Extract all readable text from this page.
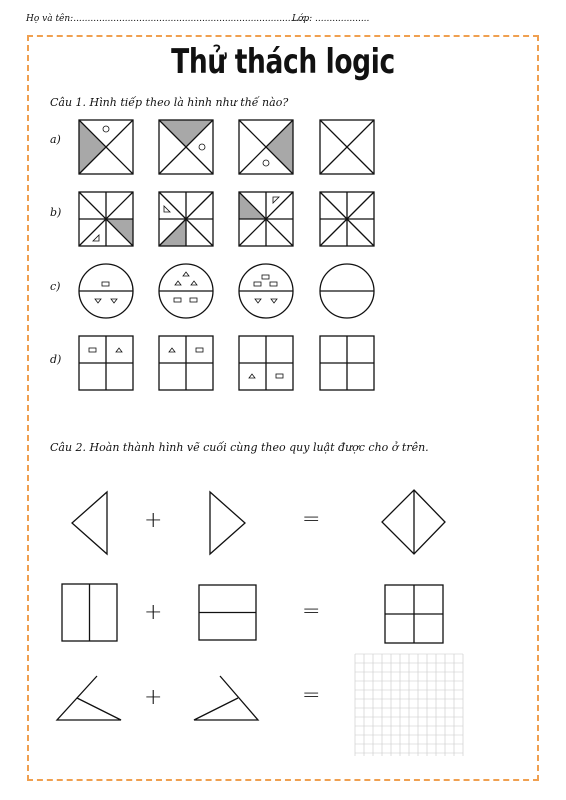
Họ và tên:..................................................................................
Lớp: ...................
Thử thách logic
Câu 1. Hình tiếp theo là hình như thế nào?
a)
b)
c)
d)
Câu 2. Hoàn thành hình vẽ cuối cùng theo quy luật được cho ở trên.
+	=
+	=
+	=
